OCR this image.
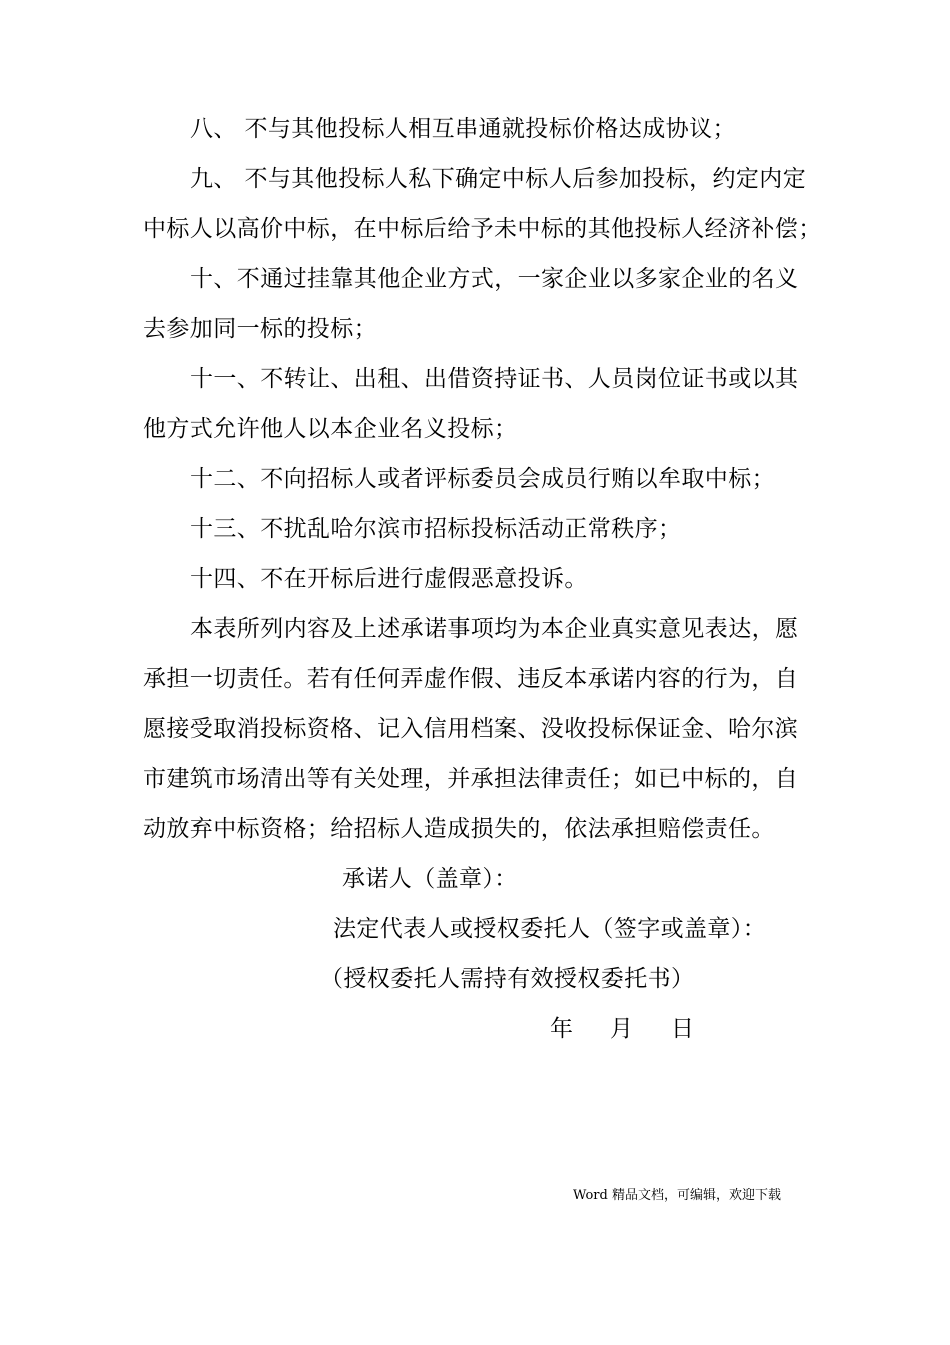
八、 不与其他投标人相互串通就投标价格达成协议；
九、 不与其他投标人私下确定中标人后参加投标，约定内定
中标人以高价中标，在中标后给予未中标的其他投标人经济补偿；
十、不通过挂靠其他企业方式，一家企业以多家企业的名义
去参加同一标的投标；
十一、不转让、出租、出借资持证书、人员岗位证书或以其
他方式允许他人以本企业名义投标；
十二、不向招标人或者评标委员会成员行贿以牟取中标；
十三、不扰乱哈尔滨市招标投标活动正常秩序；
十四、不在开标后进行虚假恶意投诉。
本表所列内容及上述承诺事项均为本企业真实意见表达，愿
承担一切责任。若有任何弄虚作假、违反本承诺内容的行为，自
愿接受取消投标资格、记入信用档案、没收投标保证金、哈尔滨
市建筑市场清出等有关处理，并承担法律责任；如已中标的，自
动放弃中标资格；给招标人造成损失的，依法承担赔偿责任。
承诺人（盖章）：
法定代表人或授权委托人（签字或盖章）：
（授权委托人需持有效授权委托书）
年 月 日
Word 精品文档，可编辑，欢迎下载
